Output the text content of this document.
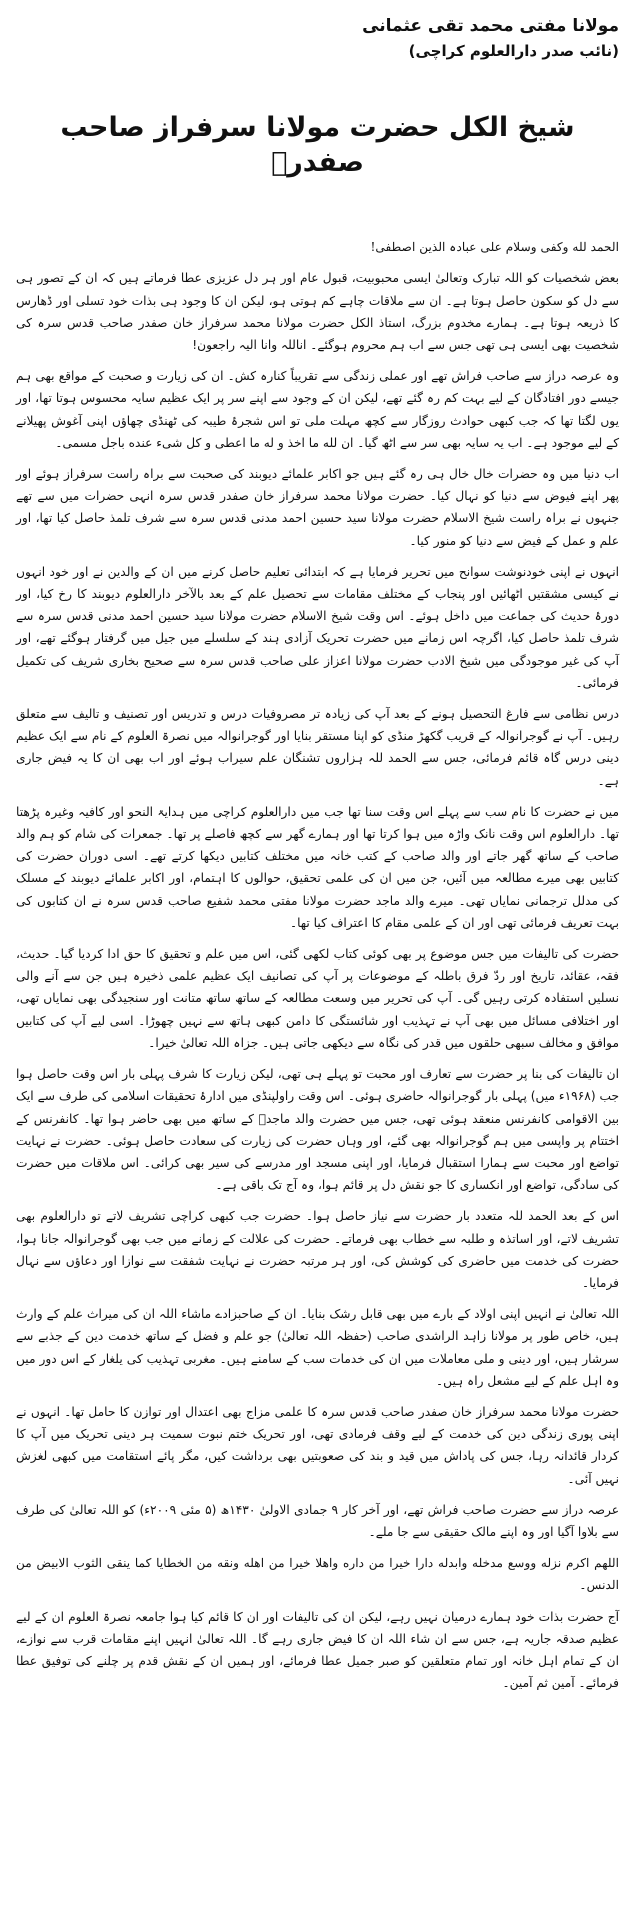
مولانا مفتی محمد تقی عثمانی
(نائب صدر دارالعلوم کراچی)
شیخ الکل حضرت مولانا سرفراز صاحب صفدرؒ

الحمد لله وکفی وسلام علی عبادہ الذین اصطفی!

بعض شخصیات کو اللہ تبارک وتعالیٰ ایسی محبوبیت، قبول عام اور ہر دل عزیزی عطا فرماتے ہیں کہ ان کے تصور ہی سے دل کو سکون حاصل ہوتا ہے۔ ان سے ملاقات چاہے کم ہوتی ہو، لیکن ان کا وجود ہی بذات خود تسلی اور ڈھارس کا ذریعہ ہوتا ہے۔ ہمارے مخدوم بزرگ، استاذ الکل حضرت مولانا محمد سرفراز خان صفدر صاحب قدس سرہ کی شخصیت بھی ایسی ہی تھی جس سے اب ہم محروم ہوگئے۔ اناللہ وانا الیہ راجعون!

وہ عرصہ دراز سے صاحب فراش تھے اور عملی زندگی سے تقریباً کنارہ کش۔ ان کی زیارت و صحبت کے مواقع بھی ہم جیسے دور افتادگان کے لیے بہت کم رہ گئے تھے، لیکن ان کے وجود سے اپنے سر پر ایک عظیم سایہ محسوس ہوتا تھا، اور یوں لگتا تھا کہ جب کبھی حوادث روزگار سے کچھ مہلت ملی تو اس شجرۂ طیبہ کی ٹھنڈی چھاؤں اپنی آغوش پھیلانے کے لیے موجود ہے۔ اب یہ سایہ بھی سر سے اٹھ گیا۔ ان لله ما اخذ و له ما اعطی و کل شیء عنده باجل مسمی۔

اب دنیا میں وہ حضرات خال خال ہی رہ گئے ہیں جو اکابر علمائے دیوبند کی صحبت سے براہ راست سرفراز ہوئے اور پھر اپنے فیوض سے دنیا کو نہال کیا۔ حضرت مولانا محمد سرفراز خان صفدر قدس سرہ انہی حضرات میں سے تھے جنہوں نے براہ راست شیخ الاسلام حضرت مولانا سید حسین احمد مدنی قدس سرہ سے شرف تلمذ حاصل کیا تھا، اور علم و عمل کے فیض سے دنیا کو منور کیا۔

انہوں نے اپنی خودنوشت سوانح میں تحریر فرمایا ہے کہ ابتدائی تعلیم حاصل کرنے میں ان کے والدین نے اور خود انہوں نے کیسی مشقتیں اٹھائیں اور پنجاب کے مختلف مقامات سے تحصیل علم کے بعد بالآخر دارالعلوم دیوبند کا رخ کیا، اور دورۂ حدیث کی جماعت میں داخل ہوئے۔ اس وقت شیخ الاسلام حضرت مولانا سید حسین احمد مدنی قدس سرہ سے شرف تلمذ حاصل کیا، اگرچہ اس زمانے میں حضرت تحریک آزادی ہند کے سلسلے میں جیل میں گرفتار ہوگئے تھے، اور آپ کی غیر موجودگی میں شیخ الادب حضرت مولانا اعزاز علی صاحب قدس سرہ سے صحیح بخاری شریف کی تکمیل فرمائی۔

درس نظامی سے فارغ التحصیل ہونے کے بعد آپ کی زیادہ تر مصروفیات درس و تدریس اور تصنیف و تالیف سے متعلق رہیں۔ آپ نے گوجرانوالہ کے قریب گکھڑ منڈی کو اپنا مستقر بنایا اور گوجرانوالہ میں نصرۃ العلوم کے نام سے ایک عظیم دینی درس گاہ قائم فرمائی، جس سے الحمد للہ ہزاروں تشنگان علم سیراب ہوئے اور اب بھی ان کا یہ فیض جاری ہے۔

میں نے حضرت کا نام سب سے پہلے اس وقت سنا تھا جب میں دارالعلوم کراچی میں ہدایۃ النحو اور کافیہ وغیرہ پڑھتا تھا۔ دارالعلوم اس وقت نانک واڑہ میں ہوا کرتا تھا اور ہمارے گھر سے کچھ فاصلے پر تھا۔ جمعرات کی شام کو ہم والد صاحب کے ساتھ گھر جاتے اور والد صاحب کے کتب خانہ میں مختلف کتابیں دیکھا کرتے تھے۔ اسی دوران حضرت کی کتابیں بھی میرے مطالعہ میں آئیں، جن میں ان کی علمی تحقیق، حوالوں کا اہتمام، اور اکابر علمائے دیوبند کے مسلک کی مدلل ترجمانی نمایاں تھی۔ میرے والد ماجد حضرت مولانا مفتی محمد شفیع صاحب قدس سرہ نے ان کتابوں کی بہت تعریف فرمائی تھی اور ان کے علمی مقام کا اعتراف کیا تھا۔

حضرت کی تالیفات میں جس موضوع پر بھی کوئی کتاب لکھی گئی، اس میں علم و تحقیق کا حق ادا کردیا گیا۔ حدیث، فقہ، عقائد، تاریخ اور ردّ فرق باطلہ کے موضوعات پر آپ کی تصانیف ایک عظیم علمی ذخیرہ ہیں جن سے آنے والی نسلیں استفادہ کرتی رہیں گی۔ آپ کی تحریر میں وسعت مطالعہ کے ساتھ ساتھ متانت اور سنجیدگی بھی نمایاں تھی، اور اختلافی مسائل میں بھی آپ نے تہذیب اور شائستگی کا دامن کبھی ہاتھ سے نہیں چھوڑا۔ اسی لیے آپ کی کتابیں موافق و مخالف سبھی حلقوں میں قدر کی نگاہ سے دیکھی جاتی ہیں۔ جزاہ اللہ تعالیٰ خیرا۔

ان تالیفات کی بنا پر حضرت سے تعارف اور محبت تو پہلے ہی تھی، لیکن زیارت کا شرف پہلی بار اس وقت حاصل ہوا جب (۱۹۶۸ء میں) پہلی بار گوجرانوالہ حاضری ہوئی۔ اس وقت راولپنڈی میں ادارۂ تحقیقات اسلامی کی طرف سے ایک بین الاقوامی کانفرنس منعقد ہوئی تھی، جس میں حضرت والد ماجدؒ کے ساتھ میں بھی حاضر ہوا تھا۔ کانفرنس کے اختتام پر واپسی میں ہم گوجرانوالہ بھی گئے، اور وہاں حضرت کی زیارت کی سعادت حاصل ہوئی۔ حضرت نے نہایت تواضع اور محبت سے ہمارا استقبال فرمایا، اور اپنی مسجد اور مدرسے کی سیر بھی کرائی۔ اس ملاقات میں حضرت کی سادگی، تواضع اور انکساری کا جو نقش دل پر قائم ہوا، وہ آج تک باقی ہے۔

اس کے بعد الحمد للہ متعدد بار حضرت سے نیاز حاصل ہوا۔ حضرت جب کبھی کراچی تشریف لاتے تو دارالعلوم بھی تشریف لاتے، اور اساتذہ و طلبہ سے خطاب بھی فرماتے۔ حضرت کی علالت کے زمانے میں جب بھی گوجرانوالہ جانا ہوا، حضرت کی خدمت میں حاضری کی کوشش کی، اور ہر مرتبہ حضرت نے نہایت شفقت سے نوازا اور دعاؤں سے نہال فرمایا۔

اللہ تعالیٰ نے انہیں اپنی اولاد کے بارے میں بھی قابل رشک بنایا۔ ان کے صاحبزادے ماشاء اللہ ان کی میراث علم کے وارث ہیں، خاص طور پر مولانا زاہد الراشدی صاحب (حفظہ اللہ تعالیٰ) جو علم و فضل کے ساتھ خدمت دین کے جذبے سے سرشار ہیں، اور دینی و ملی معاملات میں ان کی خدمات سب کے سامنے ہیں۔ مغربی تہذیب کی یلغار کے اس دور میں وہ اہل علم کے لیے مشعل راہ ہیں۔

حضرت مولانا محمد سرفراز خان صفدر صاحب قدس سرہ کا علمی مزاج بھی اعتدال اور توازن کا حامل تھا۔ انہوں نے اپنی پوری زندگی دین کی خدمت کے لیے وقف فرمادی تھی، اور تحریک ختم نبوت سمیت ہر دینی تحریک میں آپ کا کردار قائدانہ رہا، جس کی پاداش میں قید و بند کی صعوبتیں بھی برداشت کیں، مگر پائے استقامت میں کبھی لغزش نہیں آئی۔

عرصہ دراز سے حضرت صاحب فراش تھے، اور آخر کار ۹ جمادی الاولیٰ ۱۴۳۰ھ (۵ مئی ۲۰۰۹ء) کو اللہ تعالیٰ کی طرف سے بلاوا آگیا اور وہ اپنے مالک حقیقی سے جا ملے۔

اللھم اکرم نزله ووسع مدخله وابدله دارا خیرا من داره واھلا خیرا من اھله ونقه من الخطایا کما ینقی الثوب الابیض من الدنس۔

آج حضرت بذات خود ہمارے درمیان نہیں رہے، لیکن ان کی تالیفات اور ان کا قائم کیا ہوا جامعہ نصرۃ العلوم ان کے لیے عظیم صدقہ جاریہ ہے، جس سے ان شاء اللہ ان کا فیض جاری رہے گا۔ اللہ تعالیٰ انہیں اپنے مقامات قرب سے نوازے، ان کے تمام اہل خانہ اور تمام متعلقین کو صبر جمیل عطا فرمائے، اور ہمیں ان کے نقش قدم پر چلنے کی توفیق عطا فرمائے۔ آمین ثم آمین۔
